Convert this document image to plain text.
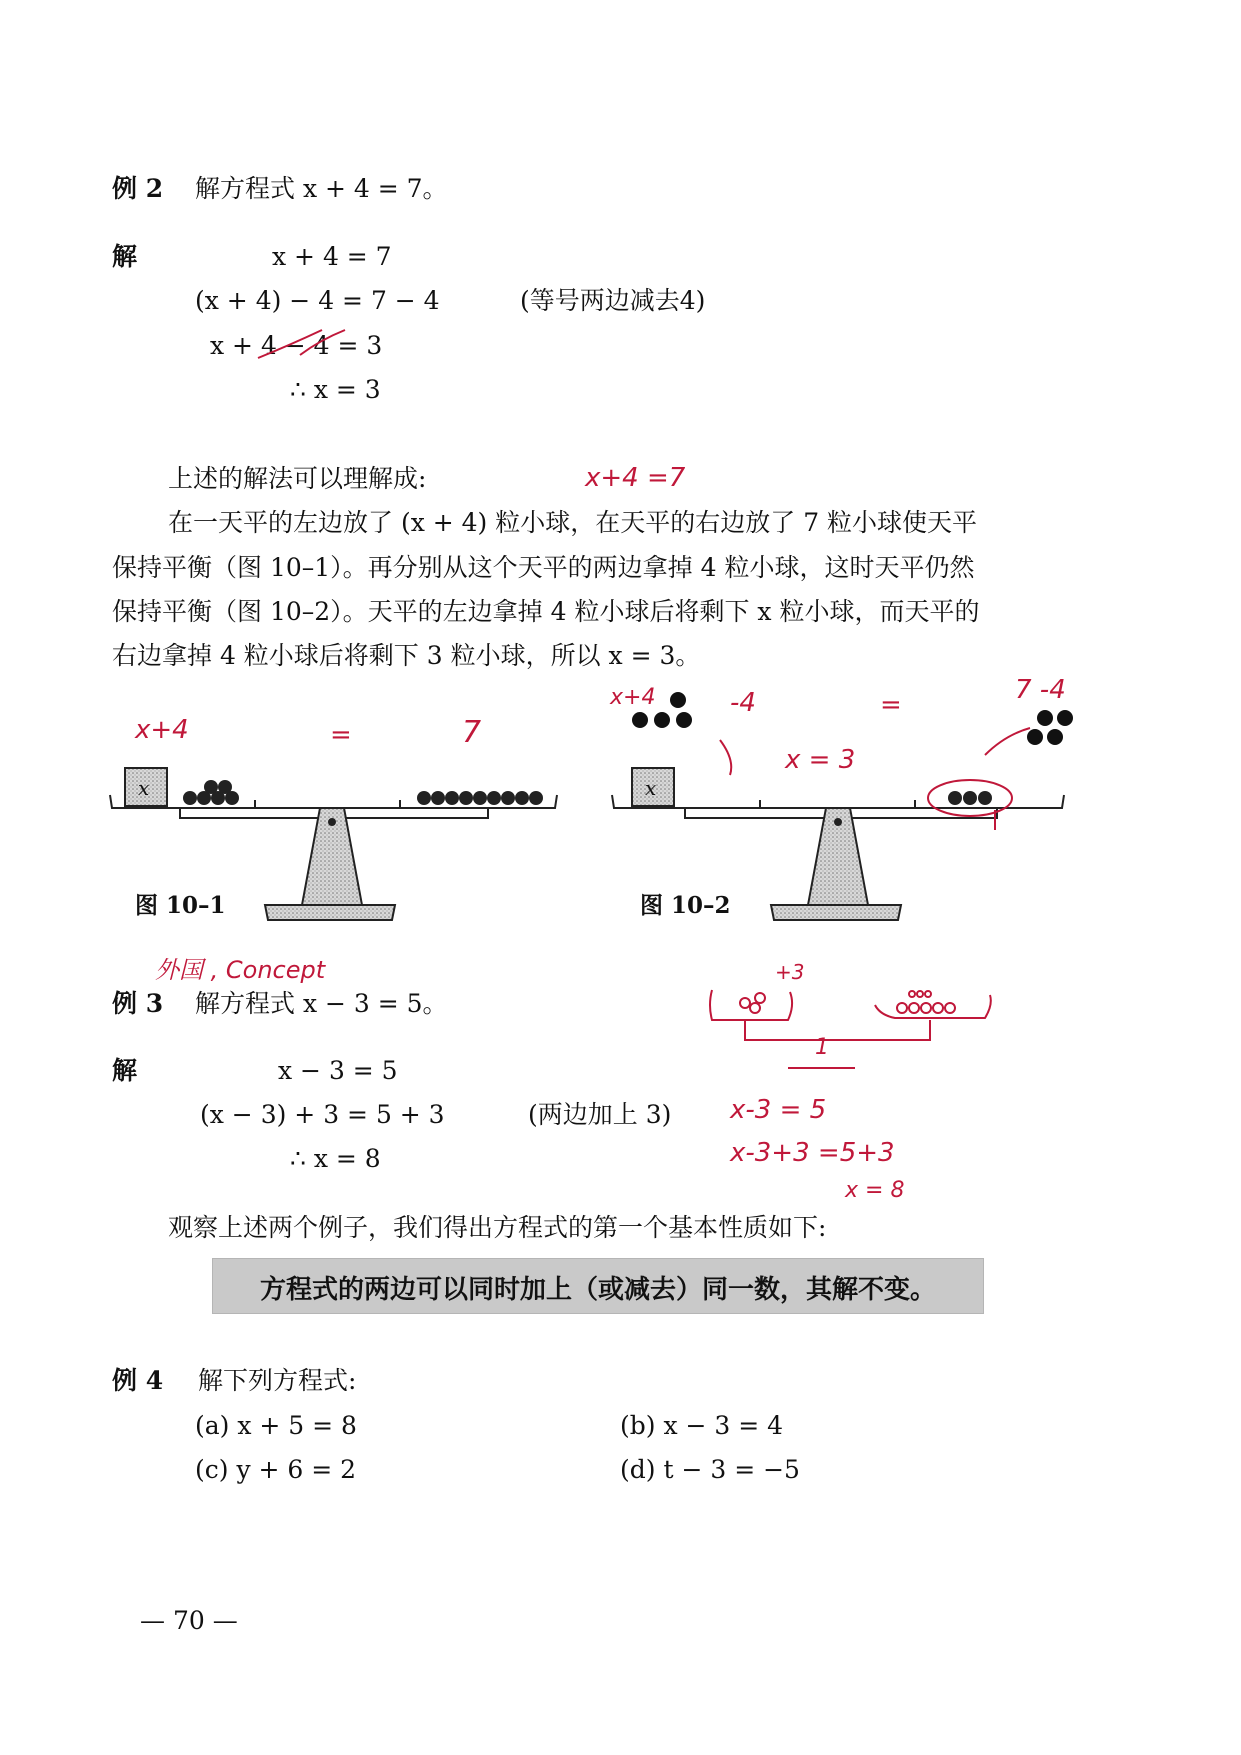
例 2 解方程式 x + 4 = 7。
解	x + 4 = 7
(x + 4) − 4 = 7 − 4	(等号两边减去4)
x + 4 − 4 = 3
∴ x = 3
上述的解法可以理解成:
在一天平的左边放了 (x + 4) 粒小球，在天平的右边放了 7 粒小球使天平
保持平衡（图 10–1）。再分别从这个天平的两边拿掉 4 粒小球，这时天平仍然
保持平衡（图 10–2）。天平的左边拿掉 4 粒小球后将剩下 x 粒小球，而天平的
右边拿掉 4 粒小球后将剩下 3 粒小球，所以 x = 3。
图 10–1	图 10–2
x	x
x+4 =7
x+4	=	7
x+4	-4	=	7 -4
x = 3
外国 , Concept	+3
1
x-3 = 5
x-3+3 =5+3
x = 8
例 3 解方程式 x − 3 = 5。
解	x − 3 = 5
(x − 3) + 3 = 5 + 3	(两边加上 3)
∴ x = 8
观察上述两个例子，我们得出方程式的第一个基本性质如下:
方程式的两边可以同时加上（或减去）同一数，其解不变。
例 4 解下列方程式:
(a) x + 5 = 8	(b) x − 3 = 4
(c) y + 6 = 2	(d) t − 3 = −5
— 70 —
